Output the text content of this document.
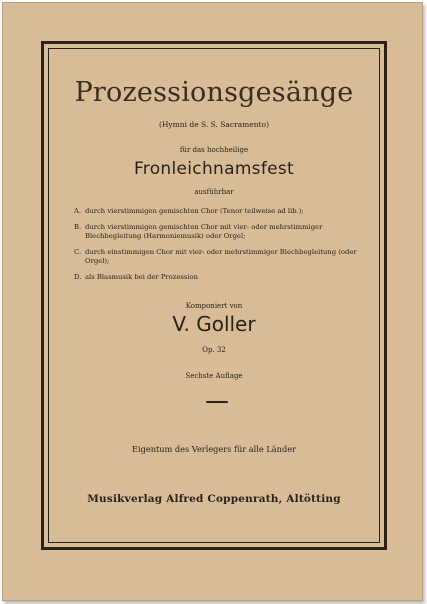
Prozessionsgesänge
(Hymni de S. S. Sacramento)
für das hochheilige
Fronleichnamsfest
ausführbar
A. durch vierstimmigen gemischten Chor (Tenor teilweise ad lib.);
B. durch vierstimmigen gemischten Chor mit vier- oder mehrstimmiger Blechbegleitung (Harmoniemusik) oder Orgel;
C. durch einstimmigen Chor mit vier- oder mehrstimmiger Blechbegleitung (oder Orgel);
D. als Blasmusik bei der Prozession
Komponiert von
V. Goller
Op. 32
Sechste Auflage
Eigentum des Verlegers für alle Länder
Musikverlag Alfred Coppenrath, Altötting
